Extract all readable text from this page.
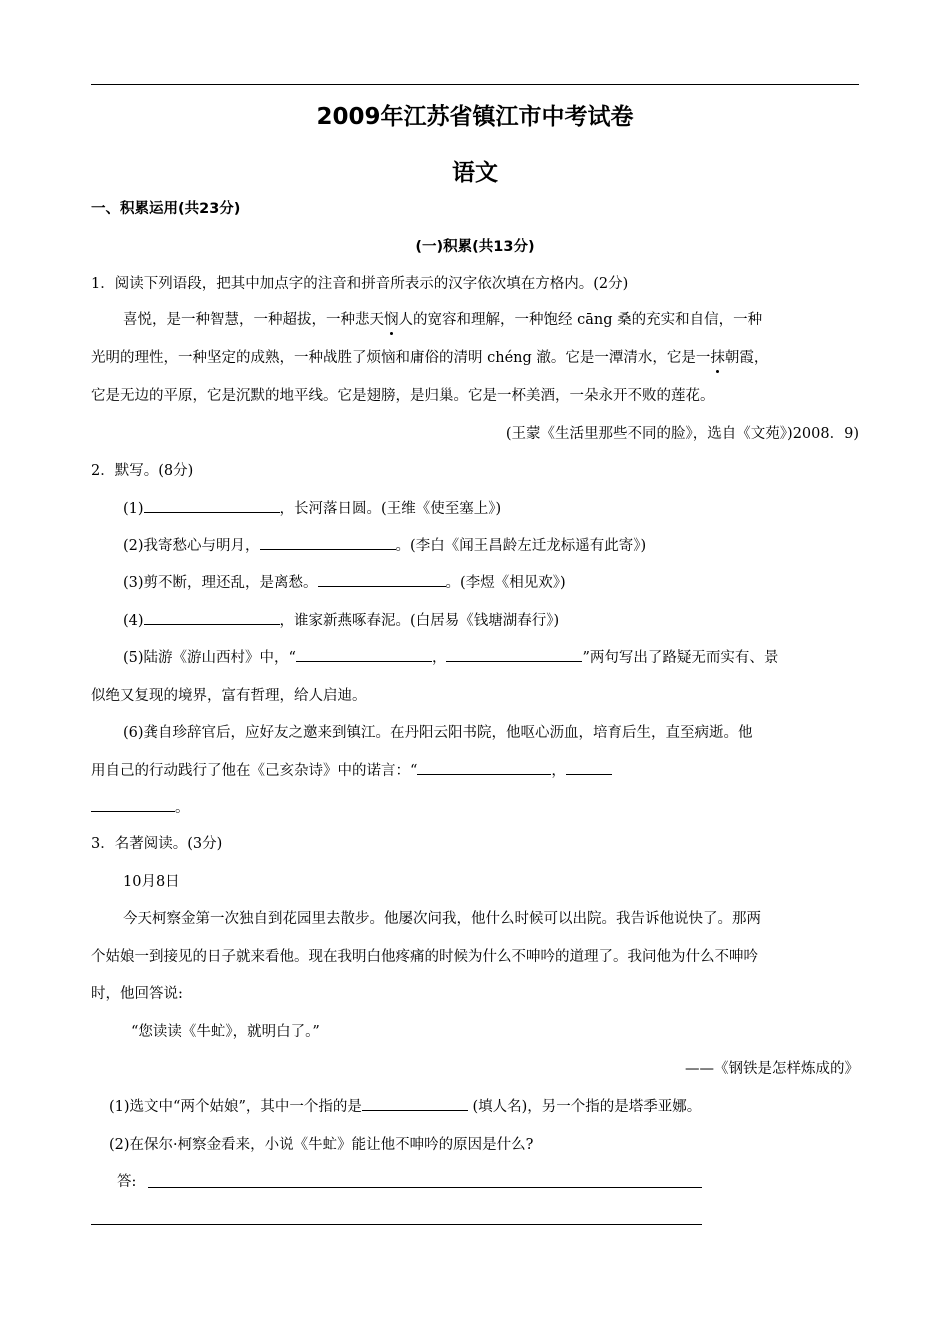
2009年江苏省镇江市中考试卷
语文
一、积累运用(共23分)
(一)积累(共13分)
1．阅读下列语段，把其中加点字的注音和拼音所表示的汉字依次填在方格内。(2分)
喜悦，是一种智慧，一种超拔，一种悲天悯人的宽容和理解，一种饱经 cāng 桑的充实和自信，一种
光明的理性，一种坚定的成熟，一种战胜了烦恼和庸俗的清明 chéng 澈。它是一潭清水，它是一抹朝霞，
它是无边的平原，它是沉默的地平线。它是翅膀，是归巢。它是一杯美酒，一朵永开不败的莲花。
(王蒙《生活里那些不同的脸》，选自《文苑》)2008．9)
2．默写。(8分)
(1)	，长河落日圆。(王维《使至塞上》)
(2)我寄愁心与明月，	。(李白《闻王昌龄左迁龙标遥有此寄》)
(3)剪不断，理还乱，是离愁。	。(李煜《相见欢》)
(4)	，谁家新燕啄春泥。(白居易《钱塘湖春行》)
(5)陆游《游山西村》中，“	，	”两句写出了路疑无而实有、景
似绝又复现的境界，富有哲理，给人启迪。
(6)龚自珍辞官后，应好友之邀来到镇江。在丹阳云阳书院，他呕心沥血，培育后生，直至病逝。他
用自己的行动践行了他在《己亥杂诗》中的诺言：“	，
。
3．名著阅读。(3分)
10月8日
今天柯察金第一次独自到花园里去散步。他屡次问我，他什么时候可以出院。我告诉他说快了。那两
个姑娘一到接见的日子就来看他。现在我明白他疼痛的时候为什么不呻吟的道理了。我问他为什么不呻吟
时，他回答说:
“您读读《牛虻》，就明白了。”
——《钢铁是怎样炼成的》
(1)选文中“两个姑娘”，其中一个指的是	(填人名)，另一个指的是塔季亚娜。
(2)在保尔·柯察金看来，小说《牛虻》能让他不呻吟的原因是什么?
答:
